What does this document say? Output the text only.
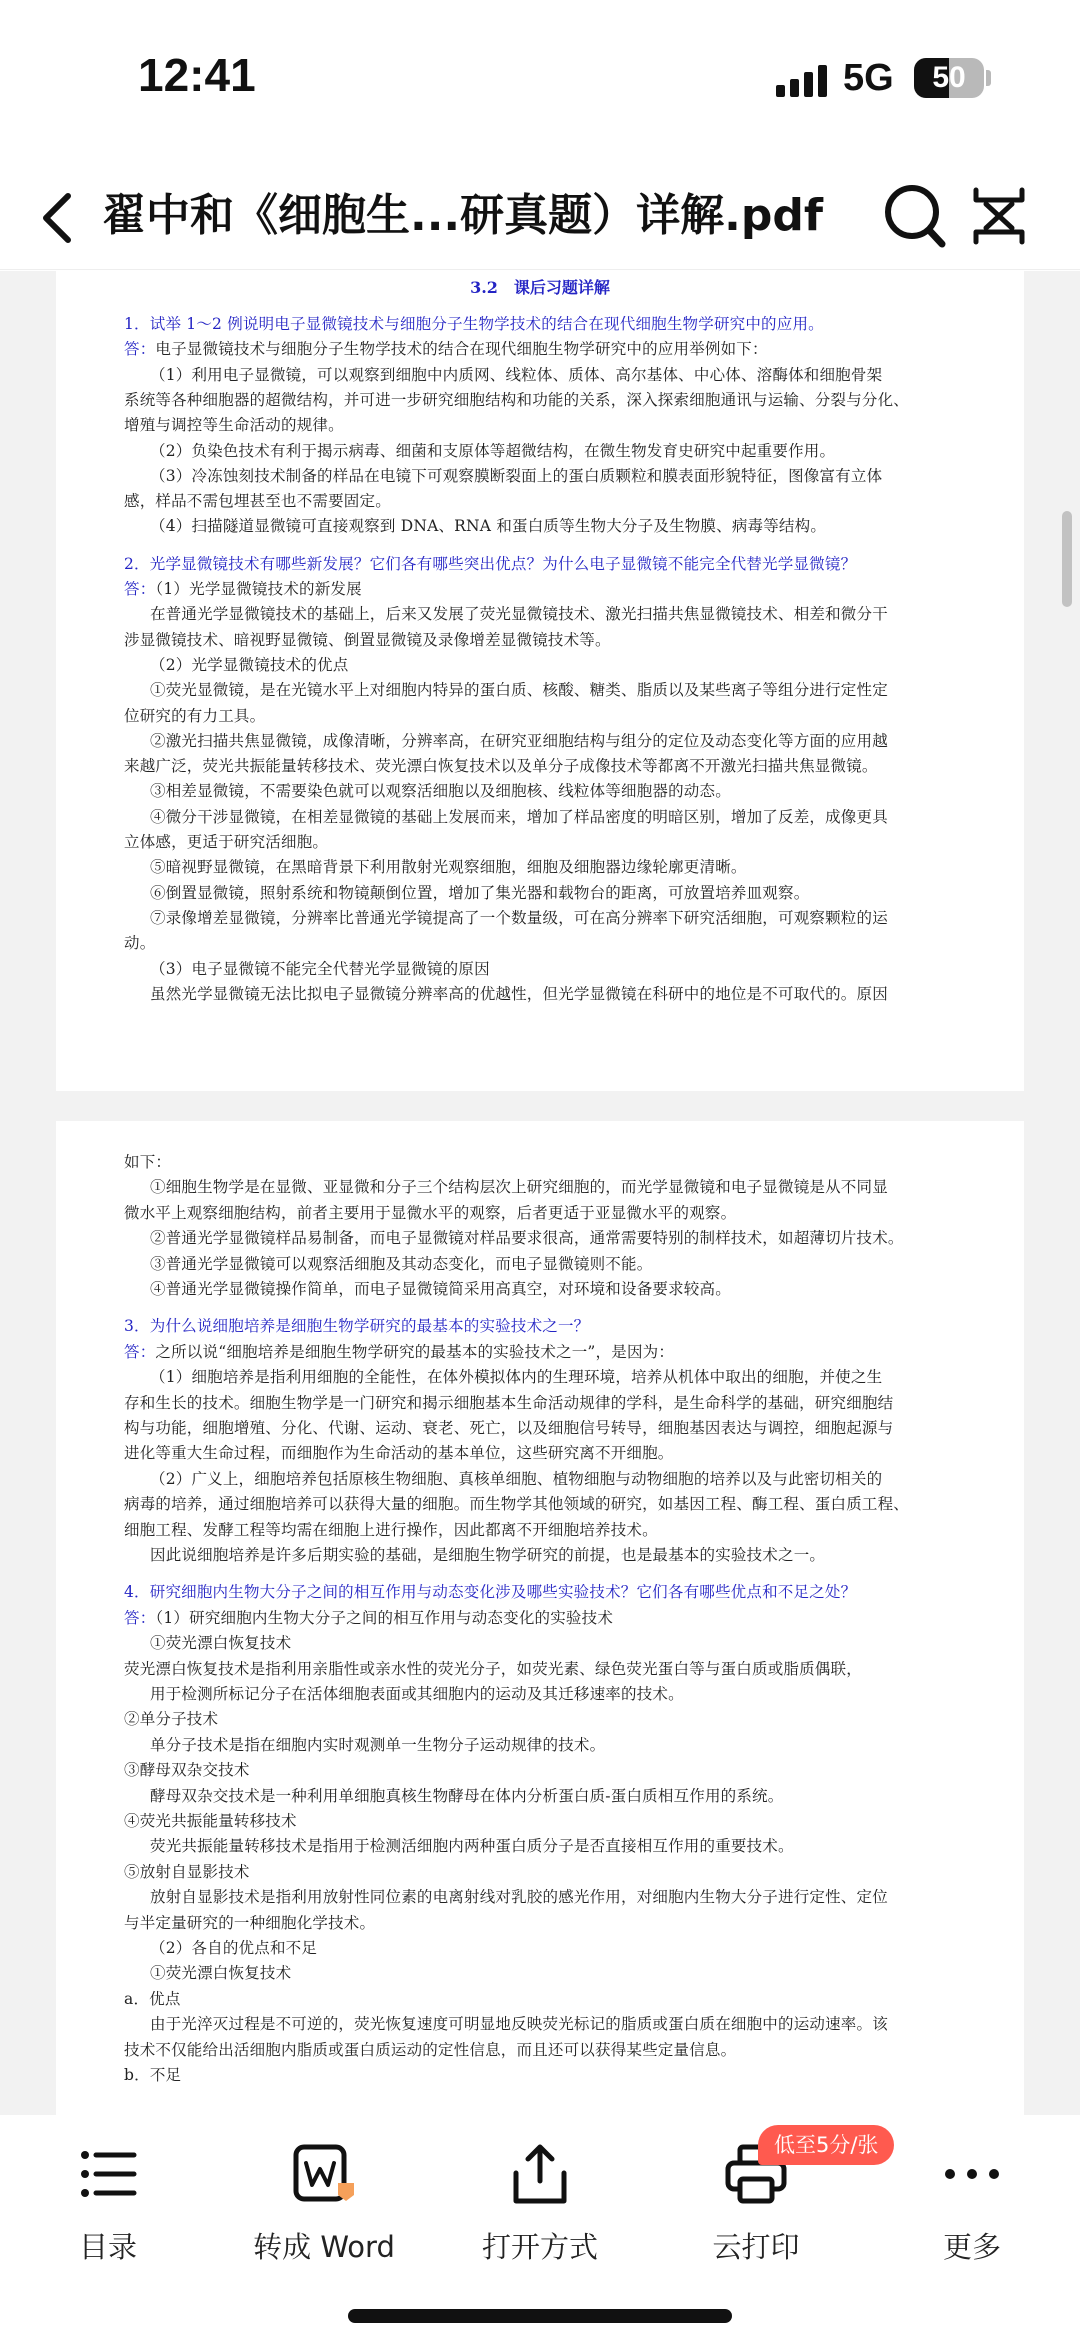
12:41	5G	50
翟中和《细胞生...研真题）详解.pdf
3.2　课后习题详解
1．试举 1～2 例说明电子显微镜技术与细胞分子生物学技术的结合在现代细胞生物学研究中的应用。
答：电子显微镜技术与细胞分子生物学技术的结合在现代细胞生物学研究中的应用举例如下：
（1）利用电子显微镜，可以观察到细胞中内质网、线粒体、质体、高尔基体、中心体、溶酶体和细胞骨架
系统等各种细胞器的超微结构，并可进一步研究细胞结构和功能的关系，深入探索细胞通讯与运输、分裂与分化、
增殖与调控等生命活动的规律。
（2）负染色技术有利于揭示病毒、细菌和支原体等超微结构，在微生物发育史研究中起重要作用。
（3）冷冻蚀刻技术制备的样品在电镜下可观察膜断裂面上的蛋白质颗粒和膜表面形貌特征，图像富有立体
感，样品不需包埋甚至也不需要固定。
（4）扫描隧道显微镜可直接观察到 DNA、RNA 和蛋白质等生物大分子及生物膜、病毒等结构。
2．光学显微镜技术有哪些新发展？它们各有哪些突出优点？为什么电子显微镜不能完全代替光学显微镜？
答：（1）光学显微镜技术的新发展
在普通光学显微镜技术的基础上，后来又发展了荧光显微镜技术、激光扫描共焦显微镜技术、相差和微分干
涉显微镜技术、暗视野显微镜、倒置显微镜及录像增差显微镜技术等。
（2）光学显微镜技术的优点
①荧光显微镜，是在光镜水平上对细胞内特异的蛋白质、核酸、糖类、脂质以及某些离子等组分进行定性定
位研究的有力工具。
②激光扫描共焦显微镜，成像清晰，分辨率高，在研究亚细胞结构与组分的定位及动态变化等方面的应用越
来越广泛，荧光共振能量转移技术、荧光漂白恢复技术以及单分子成像技术等都离不开激光扫描共焦显微镜。
③相差显微镜，不需要染色就可以观察活细胞以及细胞核、线粒体等细胞器的动态。
④微分干涉显微镜，在相差显微镜的基础上发展而来，增加了样品密度的明暗区别，增加了反差，成像更具
立体感，更适于研究活细胞。
⑤暗视野显微镜，在黑暗背景下利用散射光观察细胞，细胞及细胞器边缘轮廓更清晰。
⑥倒置显微镜，照射系统和物镜颠倒位置，增加了集光器和载物台的距离，可放置培养皿观察。
⑦录像增差显微镜，分辨率比普通光学镜提高了一个数量级，可在高分辨率下研究活细胞，可观察颗粒的运
动。
（3）电子显微镜不能完全代替光学显微镜的原因
虽然光学显微镜无法比拟电子显微镜分辨率高的优越性，但光学显微镜在科研中的地位是不可取代的。原因
如下：
①细胞生物学是在显微、亚显微和分子三个结构层次上研究细胞的，而光学显微镜和电子显微镜是从不同显
微水平上观察细胞结构，前者主要用于显微水平的观察，后者更适于亚显微水平的观察。
②普通光学显微镜样品易制备，而电子显微镜对样品要求很高，通常需要特别的制样技术，如超薄切片技术。
③普通光学显微镜可以观察活细胞及其动态变化，而电子显微镜则不能。
④普通光学显微镜操作简单，而电子显微镜简采用高真空，对环境和设备要求较高。
3．为什么说细胞培养是细胞生物学研究的最基本的实验技术之一？
答：之所以说“细胞培养是细胞生物学研究的最基本的实验技术之一”，是因为：
（1）细胞培养是指利用细胞的全能性，在体外模拟体内的生理环境，培养从机体中取出的细胞，并使之生
存和生长的技术。细胞生物学是一门研究和揭示细胞基本生命活动规律的学科，是生命科学的基础，研究细胞结
构与功能，细胞增殖、分化、代谢、运动、衰老、死亡，以及细胞信号转导，细胞基因表达与调控，细胞起源与
进化等重大生命过程，而细胞作为生命活动的基本单位，这些研究离不开细胞。
（2）广义上，细胞培养包括原核生物细胞、真核单细胞、植物细胞与动物细胞的培养以及与此密切相关的
病毒的培养，通过细胞培养可以获得大量的细胞。而生物学其他领域的研究，如基因工程、酶工程、蛋白质工程、
细胞工程、发酵工程等均需在细胞上进行操作，因此都离不开细胞培养技术。
因此说细胞培养是许多后期实验的基础，是细胞生物学研究的前提，也是最基本的实验技术之一。
4．研究细胞内生物大分子之间的相互作用与动态变化涉及哪些实验技术？它们各有哪些优点和不足之处？
答：（1）研究细胞内生物大分子之间的相互作用与动态变化的实验技术
①荧光漂白恢复技术
荧光漂白恢复技术是指利用亲脂性或亲水性的荧光分子，如荧光素、绿色荧光蛋白等与蛋白质或脂质偶联，
用于检测所标记分子在活体细胞表面或其细胞内的运动及其迁移速率的技术。
②单分子技术
单分子技术是指在细胞内实时观测单一生物分子运动规律的技术。
③酵母双杂交技术
酵母双杂交技术是一种利用单细胞真核生物酵母在体内分析蛋白质-蛋白质相互作用的系统。
④荧光共振能量转移技术
荧光共振能量转移技术是指用于检测活细胞内两种蛋白质分子是否直接相互作用的重要技术。
⑤放射自显影技术
放射自显影技术是指利用放射性同位素的电离射线对乳胶的感光作用，对细胞内生物大分子进行定性、定位
与半定量研究的一种细胞化学技术。
（2）各自的优点和不足
①荧光漂白恢复技术
a．优点
由于光淬灭过程是不可逆的，荧光恢复速度可明显地反映荧光标记的脂质或蛋白质在细胞中的运动速率。该
技术不仅能给出活细胞内脂质或蛋白质运动的定性信息，而且还可以获得某些定量信息。
b．不足
目录	转成 Word	打开方式	云打印
低至5分/张
更多
